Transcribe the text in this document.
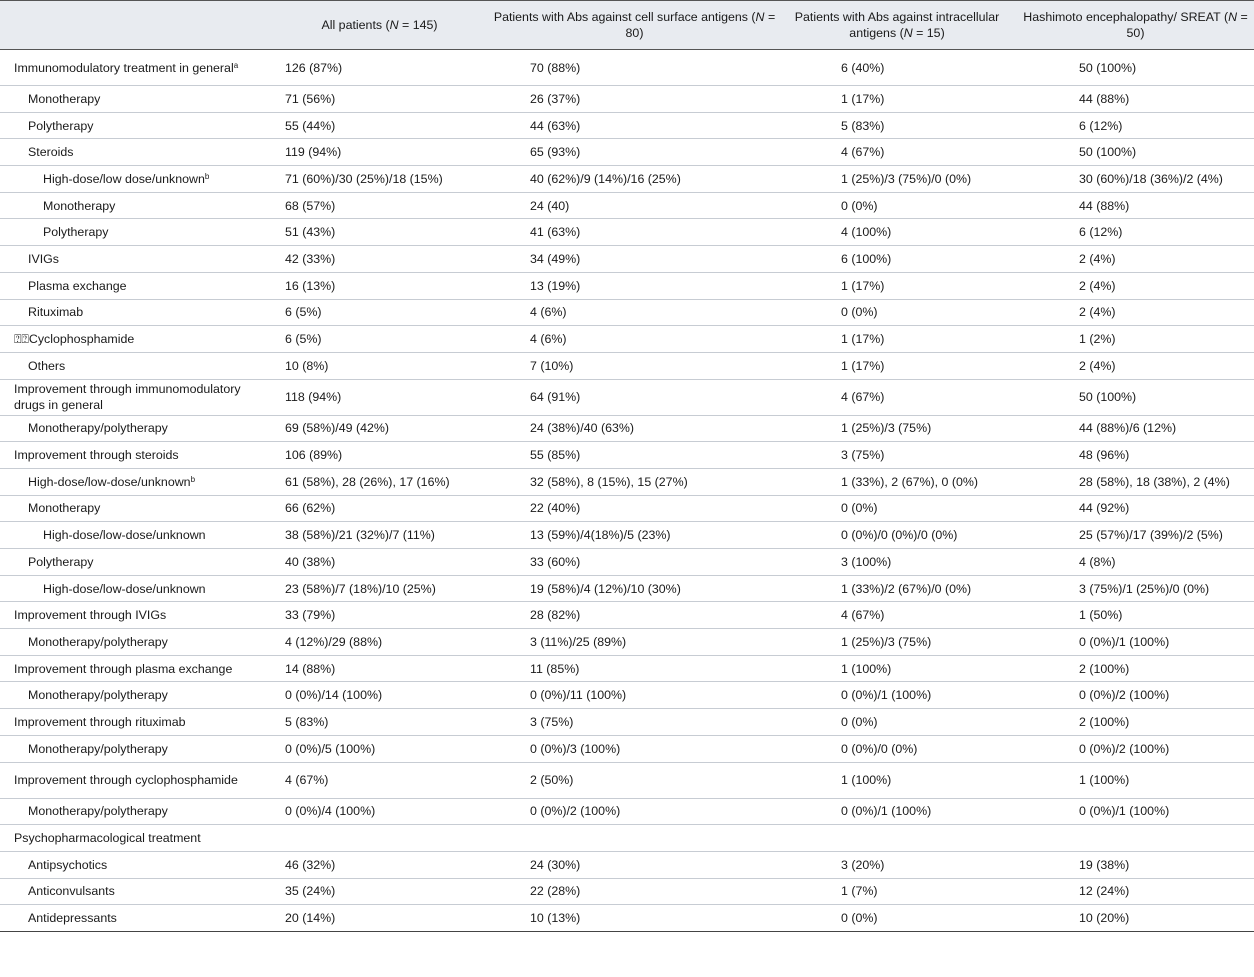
	All patients (N = 145)	Patients with Abs against cell surface antigens (N = 80)	Patients with Abs against intracellular antigens (N = 15)	Hashimoto encephalopathy/ SREAT (N = 50)
Immunomodulatory treatment in general$^a$	126 (87%)	70 (88%)	6 (40%)	50 (100%)
Monotherapy	71 (56%)	26 (37%)	1 (17%)	44 (88%)
Polytherapy	55 (44%)	44 (63%)	5 (83%)	6 (12%)
Steroids	119 (94%)	65 (93%)	4 (67%)	50 (100%)
High-dose/low dose/unknown$^b$	71 (60%)/30 (25%)/18 (15%)	40 (62%)/9 (14%)/16 (25%)	1 (25%)/3 (75%)/0 (0%)	30 (60%)/18 (36%)/2 (4%)
Monotherapy	68 (57%)	24 (40)	0 (0%)	44 (88%)
Polytherapy	51 (43%)	41 (63%)	4 (100%)	6 (12%)
IVIGs	42 (33%)	34 (49%)	6 (100%)	2 (4%)
Plasma exchange	16 (13%)	13 (19%)	1 (17%)	2 (4%)
Rituximab	6 (5%)	4 (6%)	0 (0%)	2 (4%)
⍰⍰Cyclophosphamide	6 (5%)	4 (6%)	1 (17%)	1 (2%)
Others	10 (8%)	7 (10%)	1 (17%)	2 (4%)
Improvement through immunomodulatory drugs in general	118 (94%)	64 (91%)	4 (67%)	50 (100%)
Monotherapy/polytherapy	69 (58%)/49 (42%)	24 (38%)/40 (63%)	1 (25%)/3 (75%)	44 (88%)/6 (12%)
Improvement through steroids	106 (89%)	55 (85%)	3 (75%)	48 (96%)
High-dose/low-dose/unknown$^b$	61 (58%), 28 (26%), 17 (16%)	32 (58%), 8 (15%), 15 (27%)	1 (33%), 2 (67%), 0 (0%)	28 (58%), 18 (38%), 2 (4%)
Monotherapy	66 (62%)	22 (40%)	0 (0%)	44 (92%)
High-dose/low-dose/unknown	38 (58%)/21 (32%)/7 (11%)	13 (59%)/4(18%)/5 (23%)	0 (0%)/0 (0%)/0 (0%)	25 (57%)/17 (39%)/2 (5%)
Polytherapy	40 (38%)	33 (60%)	3 (100%)	4 (8%)
High-dose/low-dose/unknown	23 (58%)/7 (18%)/10 (25%)	19 (58%)/4 (12%)/10 (30%)	1 (33%)/2 (67%)/0 (0%)	3 (75%)/1 (25%)/0 (0%)
Improvement through IVIGs	33 (79%)	28 (82%)	4 (67%)	1 (50%)
Monotherapy/polytherapy	4 (12%)/29 (88%)	3 (11%)/25 (89%)	1 (25%)/3 (75%)	0 (0%)/1 (100%)
Improvement through plasma exchange	14 (88%)	11 (85%)	1 (100%)	2 (100%)
Monotherapy/polytherapy	0 (0%)/14 (100%)	0 (0%)/11 (100%)	0 (0%)/1 (100%)	0 (0%)/2 (100%)
Improvement through rituximab	5 (83%)	3 (75%)	0 (0%)	2 (100%)
Monotherapy/polytherapy	0 (0%)/5 (100%)	0 (0%)/3 (100%)	0 (0%)/0 (0%)	0 (0%)/2 (100%)
Improvement through cyclophosphamide	4 (67%)	2 (50%)	1 (100%)	1 (100%)
Monotherapy/polytherapy	0 (0%)/4 (100%)	0 (0%)/2 (100%)	0 (0%)/1 (100%)	0 (0%)/1 (100%)
Psychopharmacological treatment				
Antipsychotics	46 (32%)	24 (30%)	3 (20%)	19 (38%)
Anticonvulsants	35 (24%)	22 (28%)	1 (7%)	12 (24%)
Antidepressants	20 (14%)	10 (13%)	0 (0%)	10 (20%)
